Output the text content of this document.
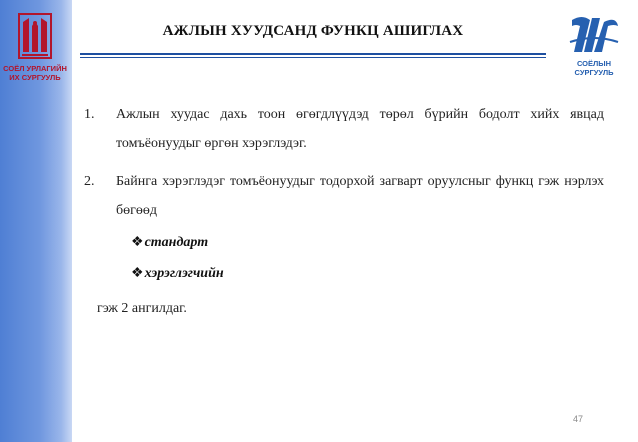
СОЁЛ УРЛАГИЙН
ИХ СУРГУУЛЬ
АЖЛЫН ХУУДСАНД ФУНКЦ АШИГЛАХ
СОЁЛЫН СУРГУУЛЬ
1. Ажлын хуудас дахь тоон өгөгдлүүдэд төрөл бүрийн бодолт хийх явцад томъёонуудыг өргөн хэрэглэдэг.
2. Байнга хэрэглэдэг томъёонуудыг тодорхой загварт оруулсныг функц гэж нэрлэх бөгөөд
❖стандарт
❖хэрэглэгчийн
гэж 2 ангилдаг.
47
